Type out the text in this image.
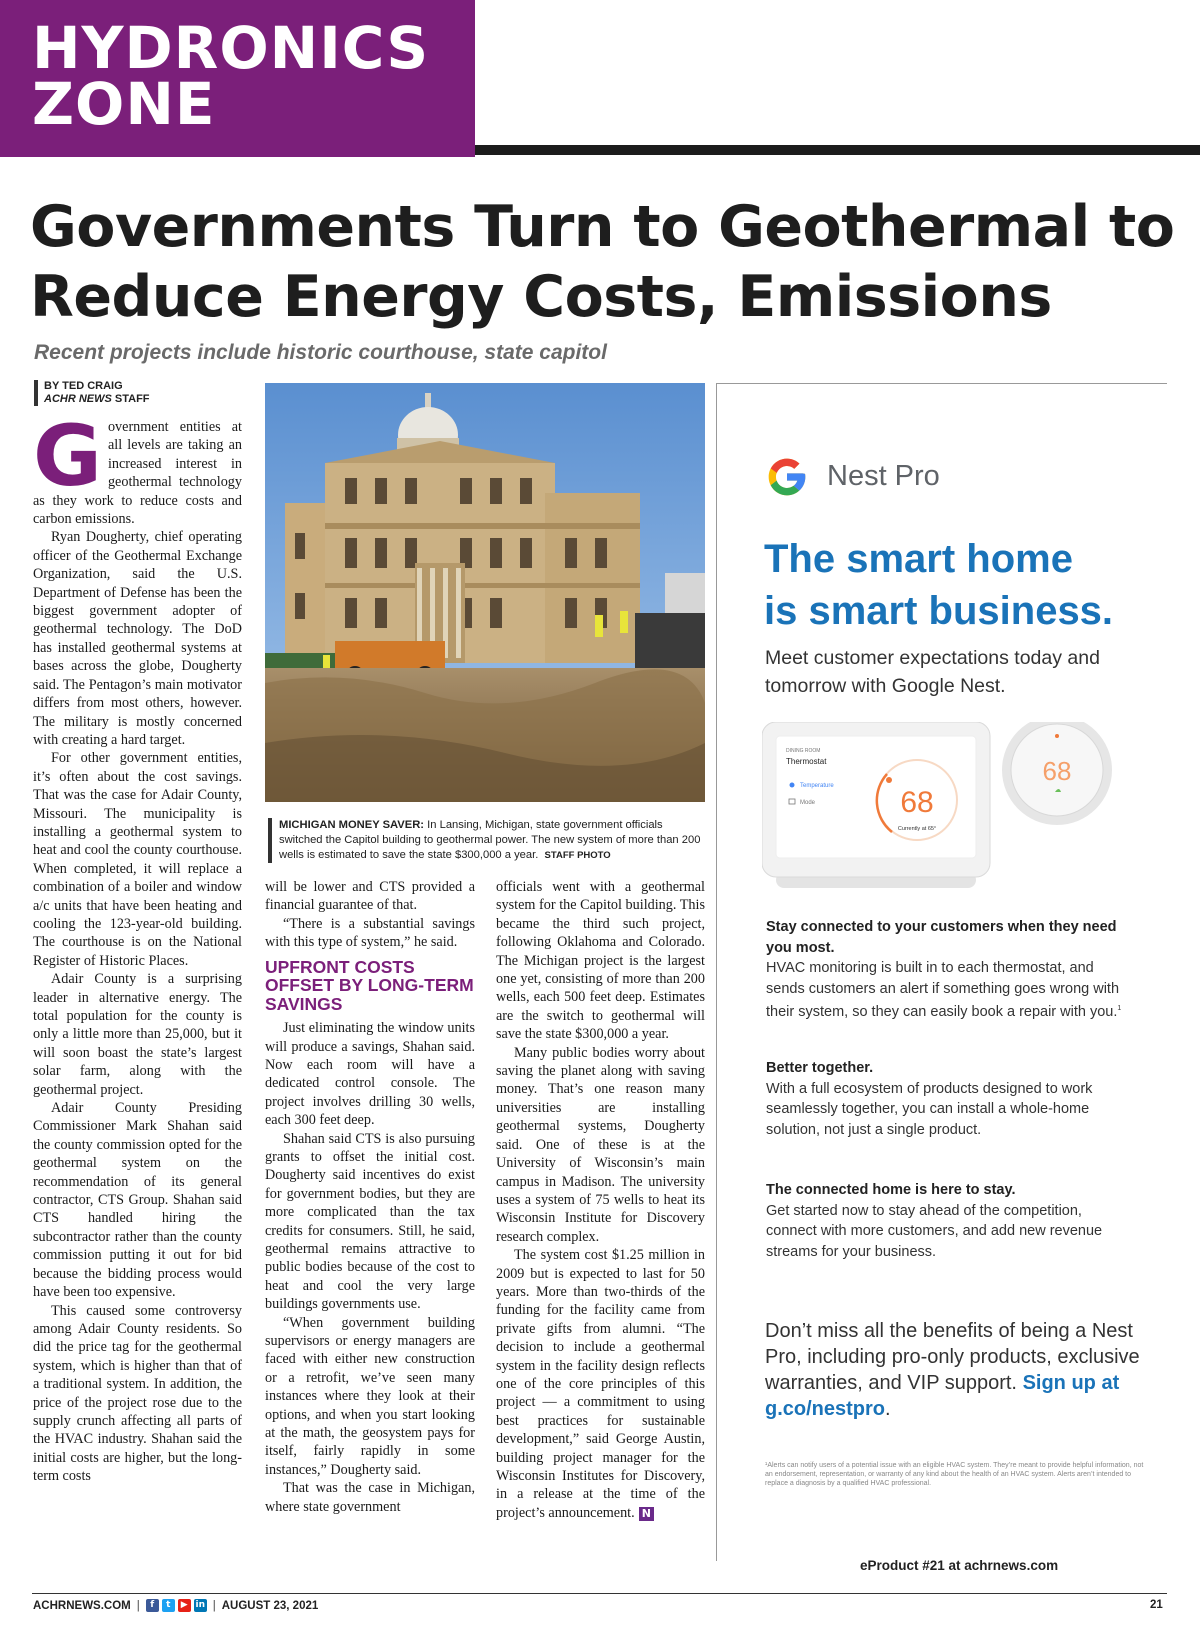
HYDRONICS
ZONE
Governments Turn to Geothermal to Reduce Energy Costs, Emissions
Recent projects include historic courthouse, state capitol
BY TED CRAIG
ACHR NEWS STAFF

Government entities at all levels are taking an increased interest in geothermal technology as they work to reduce costs and carbon emissions.

Ryan Dougherty, chief operating officer of the Geothermal Exchange Organization, said the U.S. Department of Defense has been the biggest government adopter of geothermal technology. The DoD has installed geothermal systems at bases across the globe, Dougherty said. The Pentagon’s main motivator differs from most others, however. The military is mostly concerned with creating a hard target.

For other government entities, it’s often about the cost savings. That was the case for Adair County, Missouri. The municipality is installing a geothermal system to heat and cool the county courthouse. When completed, it will replace a combination of a boiler and window a/c units that have been heating and cooling the 123-year-old building. The courthouse is on the National Register of Historic Places.

Adair County is a surprising leader in alternative energy. The total population for the county is only a little more than 25,000, but it will soon boast the state’s largest solar farm, along with the geothermal project.

Adair County Presiding Commissioner Mark Shahan said the county commission opted for the geothermal system on the recommendation of its general contractor, CTS Group. Shahan said CTS handled hiring the subcontractor rather than the county commission putting it out for bid because the bidding process would have been too expensive.

This caused some controversy among Adair County residents. So did the price tag for the geothermal system, which is higher than that of a traditional system. In addition, the price of the project rose due to the supply crunch affecting all parts of the HVAC industry. Shahan said the initial costs are higher, but the long-term costs

MICHIGAN MONEY SAVER: In Lansing, Michigan, state government officials switched the Capitol building to geothermal power. The new system of more than 200 wells is estimated to save the state $300,000 a year. STAFF PHOTO

will be lower and CTS provided a financial guarantee of that.

“There is a substantial savings with this type of system,” he said.

UPFRONT COSTS OFFSET BY LONG-TERM SAVINGS

Just eliminating the window units will produce a savings, Shahan said. Now each room will have a dedicated control console. The project involves drilling 30 wells, each 300 feet deep.

Shahan said CTS is also pursuing grants to offset the initial cost. Dougherty said incentives do exist for government bodies, but they are more complicated than the tax credits for consumers. Still, he said, geothermal remains attractive to public bodies because of the cost to heat and cool the very large buildings governments use.

“When government building supervisors or energy managers are faced with either new construction or a retrofit, we’ve seen many instances where they look at their options, and when you start looking at the math, the geosystem pays for itself, fairly rapidly in some instances,” Dougherty said.

That was the case in Michigan, where state government

officials went with a geothermal system for the Capitol building. This became the third such project, following Oklahoma and Colorado. The Michigan project is the largest one yet, consisting of more than 200 wells, each 500 feet deep. Estimates are the switch to geothermal will save the state $300,000 a year.

Many public bodies worry about saving the planet along with saving money. That’s one reason many universities are installing geothermal systems, Dougherty said. One of these is at the University of Wisconsin’s main campus in Madison. The university uses a system of 75 wells to heat its Wisconsin Institute for Discovery research complex.

The system cost $1.25 million in 2009 but is expected to last for 50 years. More than two-thirds of the funding for the facility came from private gifts from alumni. “The decision to include a geothermal system in the facility design reflects one of the core principles of this project — a commitment to using best practices for sustainable development,” said George Austin, building project manager for the Wisconsin Institutes for Discovery, in a release at the time of the project’s announcement. N

Nest Pro
The smart home
is smart business.
Meet customer expectations today and tomorrow with Google Nest.
DINING ROOM
Thermostat
Temperature
Mode	68
Currently at 65°
68
Stay connected to your customers when they need you most.

HVAC monitoring is built in to each thermostat, and sends customers an alert if something goes wrong with their system, so they can easily book a repair with you.$^1$

Better together.

With a full ecosystem of products designed to work seamlessly together, you can install a whole-home solution, not just a single product.

The connected home is here to stay.

Get started now to stay ahead of the competition, connect with more customers, and add new revenue streams for your business.

Don’t miss all the benefits of being a Nest Pro, including pro-only products, exclusive warranties, and VIP support. Sign up at g.co/nestpro.
¹Alerts can notify users of a potential issue with an eligible HVAC system. They’re meant to provide helpful information, not an endorsement, representation, or warranty of any kind about the health of an HVAC system. Alerts aren’t intended to replace a diagnosis by a qualified HVAC professional.
eProduct #21 at achrnews.com
ACHRNEWS.COM |	f	t	▶ in | AUGUST 23, 2021	21
